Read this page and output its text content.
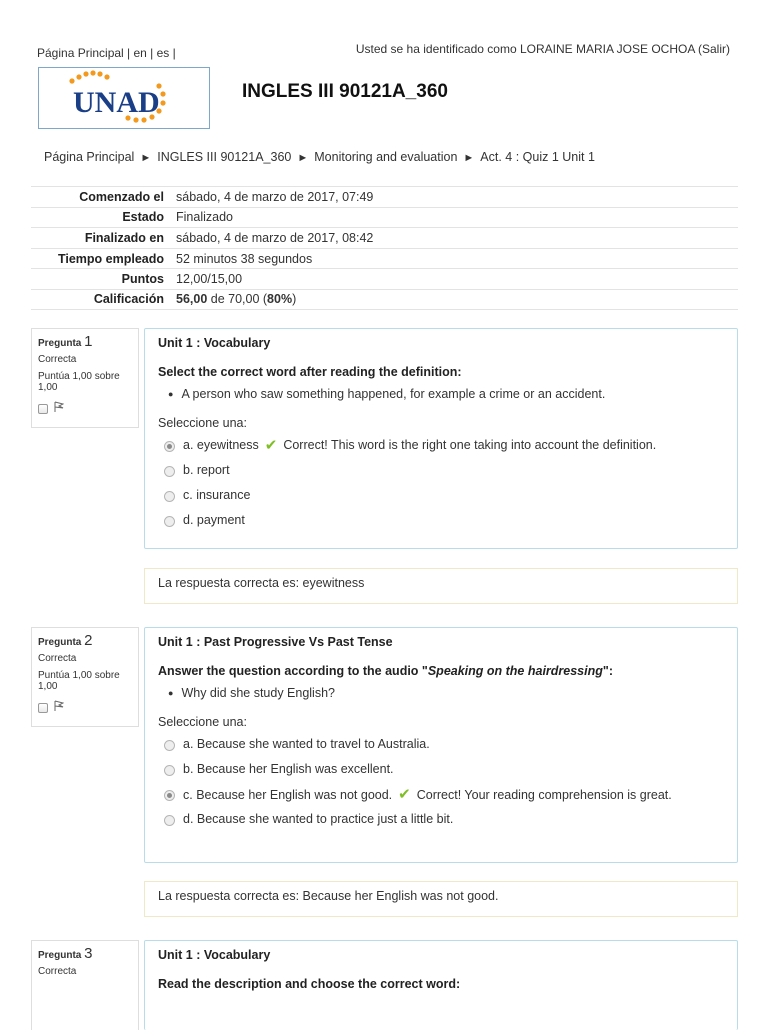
Página Principal | en | es |	Usted se ha identificado como LORAINE MARIA JOSE OCHOA (Salir)
UNAD	INGLES III 90121A_360
Página Principal ► INGLES III 90121A_360 ► Monitoring and evaluation ► Act. 4 : Quiz 1 Unit 1
Comenzado el sábado, 4 de marzo de 2017, 07:49
Estado Finalizado
Finalizado en sábado, 4 de marzo de 2017, 08:42
Tiempo empleado 52 minutos 38 segundos
Puntos 12,00/15,00
Calificación 56,00 de 70,00 (80%)
Pregunta 1
Correcta
Puntúa 1,00 sobre 1,00
Unit 1 : Vocabulary
Select the correct word after reading the definition:
● A person who saw something happened, for example a crime or an accident.
Seleccione una:
a. eyewitness ✔ Correct! This word is the right one taking into account the definition.
b. report
c. insurance
d. payment
La respuesta correcta es: eyewitness
Pregunta 2
Correcta
Puntúa 1,00 sobre 1,00
Unit 1 : Past Progressive Vs Past Tense
Answer the question according to the audio "Speaking on the hairdressing":
● Why did she study English?
Seleccione una:
a. Because she wanted to travel to Australia.
b. Because her English was excellent.
c. Because her English was not good. ✔ Correct! Your reading comprehension is great.
d. Because she wanted to practice just a little bit.
La respuesta correcta es: Because her English was not good.
Pregunta 3
Correcta
Unit 1 : Vocabulary
Read the description and choose the correct word:
